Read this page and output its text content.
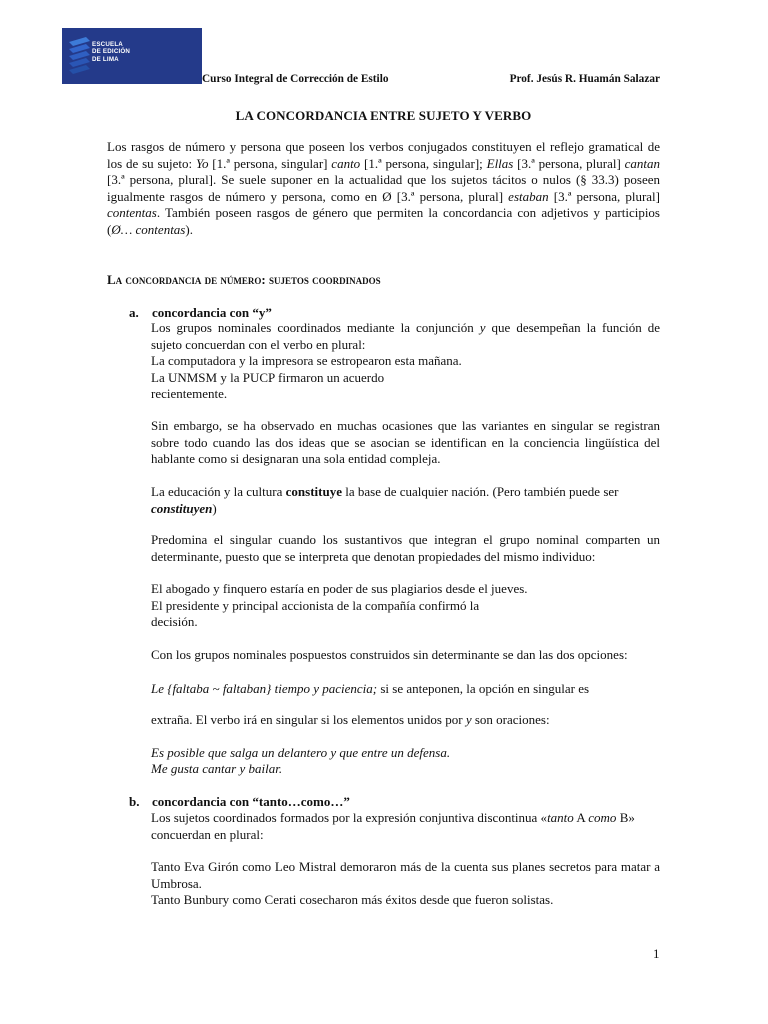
ESCUELA
DE EDICIÓN
DE LIMA
Curso Integral de Corrección de Estilo	Prof. Jesús R. Huamán Salazar
LA CONCORDANCIA ENTRE SUJETO Y VERBO

Los rasgos de número y persona que poseen los verbos conjugados constituyen el reflejo gramatical de los de su sujeto: Yo [1.ª persona, singular] canto [1.ª persona, singular]; Ellas [3.ª persona, plural] cantan [3.ª persona, plural]. Se suele suponer en la actualidad que los sujetos tácitos o nulos (§ 33.3) poseen igualmente rasgos de número y persona, como en Ø [3.ª persona, plural] estaban [3.ª persona, plural] contentas. También poseen rasgos de género que permiten la concordancia con adjetivos y participios (Ø… contentas).

La concordancia de número: sujetos coordinados
a. concordancia con “y”

Los grupos nominales coordinados mediante la conjunción y que desempeñan la función de sujeto concuerdan con el verbo en plural:

La computadora y la impresora se estropearon esta mañana.
La UNMSM y la PUCP firmaron un acuerdo
recientemente.

Sin embargo, se ha observado en muchas ocasiones que las variantes en singular se registran sobre todo cuando las dos ideas que se asocian se identifican en la conciencia lingüística del hablante como si designaran una sola entidad compleja.

La educación y la cultura constituye la base de cualquier nación. (Pero también puede ser constituyen)

Predomina el singular cuando los sustantivos que integran el grupo nominal comparten un determinante, puesto que se interpreta que denotan propiedades del mismo individuo:

El abogado y finquero estaría en poder de sus plagiarios desde el jueves.
El presidente y principal accionista de la compañía confirmó la
decisión.
Con los grupos nominales pospuestos construidos sin determinante se dan las dos opciones:

Le {faltaba ~ faltaban} tiempo y paciencia; si se anteponen, la opción en singular es

extraña. El verbo irá en singular si los elementos unidos por y son oraciones:

Es posible que salga un delantero y que entre un defensa.
Me gusta cantar y bailar.
b. concordancia con “tanto…como…”

Los sujetos coordinados formados por la expresión conjuntiva discontinua «tanto A como B» concuerdan en plural:

Tanto Eva Girón como Leo Mistral demoraron más de la cuenta sus planes secretos para matar a Umbrosa.

Tanto Bunbury como Cerati cosecharon más éxitos desde que fueron solistas.
1
